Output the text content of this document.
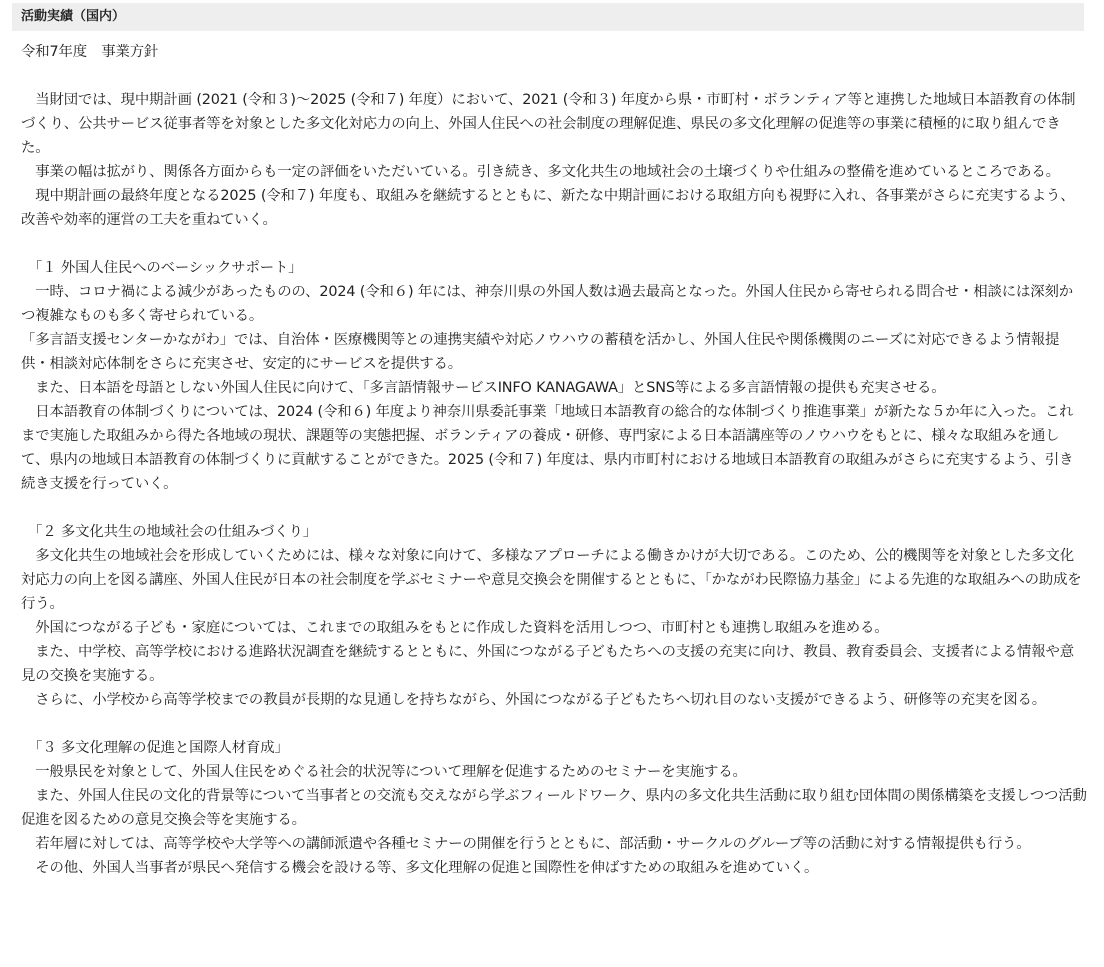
活動実績（国内）

令和7年度　事業方針

　当財団では、現中期計画 (2021 (令和３)〜2025 (令和７) 年度）において、2021 (令和３) 年度から県・市町村・ボランティア等と連携した地域日本語教育の体制づくり、公共サービス従事者等を対象とした多文化対応力の向上、外国人住民への社会制度の理解促進、県民の多文化理解の促進等の事業に積極的に取り組んできた。

　事業の幅は拡がり、関係各方面からも一定の評価をいただいている。引き続き、多文化共生の地域社会の土壌づくりや仕組みの整備を進めているところである。

　現中期計画の最終年度となる2025 (令和７) 年度も、取組みを継続するとともに、新たな中期計画における取組方向も視野に入れ、各事業がさらに充実するよう、改善や効率的運営の工夫を重ねていく。

「１ 外国人住民へのベーシックサポート」

　一時、コロナ禍による減少があったものの、2024 (令和６) 年には、神奈川県の外国人数は過去最高となった。外国人住民から寄せられる問合せ・相談には深刻かつ複雑なものも多く寄せられている。

「多言語支援センターかながわ」では、自治体・医療機関等との連携実績や対応ノウハウの蓄積を活かし、外国人住民や関係機関のニーズに対応できるよう情報提供・相談対応体制をさらに充実させ、安定的にサービスを提供する。

　また、日本語を母語としない外国人住民に向けて、「多言語情報サービスINFO KANAGAWA」とSNS等による多言語情報の提供も充実させる。

　日本語教育の体制づくりについては、2024 (令和６) 年度より神奈川県委託事業「地域日本語教育の総合的な体制づくり推進事業」が新たな５か年に入った。これまで実施した取組みから得た各地域の現状、課題等の実態把握、ボランティアの養成・研修、専門家による日本語講座等のノウハウをもとに、様々な取組みを通して、県内の地域日本語教育の体制づくりに貢献することができた。2025 (令和７) 年度は、県内市町村における地域日本語教育の取組みがさらに充実するよう、引き続き支援を行っていく。

「２ 多文化共生の地域社会の仕組みづくり」

　多文化共生の地域社会を形成していくためには、様々な対象に向けて、多様なアプローチによる働きかけが大切である。このため、公的機関等を対象とした多文化対応力の向上を図る講座、外国人住民が日本の社会制度を学ぶセミナーや意見交換会を開催するとともに、「かながわ民際協力基金」による先進的な取組みへの助成を行う。

　外国につながる子ども・家庭については、これまでの取組みをもとに作成した資料を活用しつつ、市町村とも連携し取組みを進める。

　また、中学校、高等学校における進路状況調査を継続するとともに、外国につながる子どもたちへの支援の充実に向け、教員、教育委員会、支援者による情報や意見の交換を実施する。

　さらに、小学校から高等学校までの教員が長期的な見通しを持ちながら、外国につながる子どもたちへ切れ目のない支援ができるよう、研修等の充実を図る。

「３ 多文化理解の促進と国際人材育成」

　一般県民を対象として、外国人住民をめぐる社会的状況等について理解を促進するためのセミナーを実施する。

　また、外国人住民の文化的背景等について当事者との交流も交えながら学ぶフィールドワーク、県内の多文化共生活動に取り組む団体間の関係構築を支援しつつ活動促進を図るための意見交換会等を実施する。

　若年層に対しては、高等学校や大学等への講師派遣や各種セミナーの開催を行うとともに、部活動・サークルのグループ等の活動に対する情報提供も行う。

　その他、外国人当事者が県民へ発信する機会を設ける等、多文化理解の促進と国際性を伸ばすための取組みを進めていく。
